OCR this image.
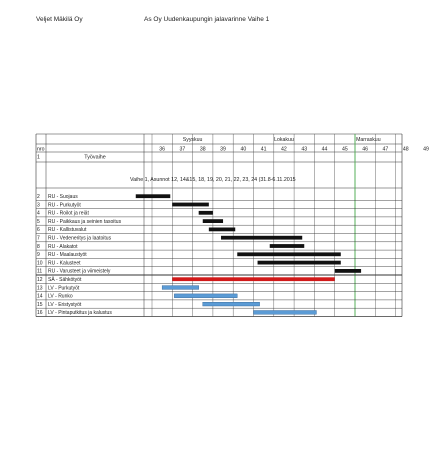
Veljet Mäkilä Oy	As Oy Uudenkaupungin jalavarinne Vaihe 1
Syyskuu	Lokakuu	Marraskuu
36	37	38	39	40	41	42	43	44	45	46	47	48	49
nro
1	Työvaihe
Vaihe 1, Asunnot 12, 14&15, 18, 19, 20, 21, 22, 23, 24 (31.8-6.11.2015
2 RU - Suojaus
3 RU - Purkutyöt
4 RU - Roilot ja reiät
5 RU - Paikkaus ja seinien tasoitus
6 RU - Kallistuvalut
7 RU - Vedeneritys ja laatoitus
8 RU - Alakatot
9 RU - Maalaustyöt
10 RU - Kalusteet
11 RU - Varusteet ja viimeistely
12 SÄ - Sähkötyöt
13 LV - Purkutyöt
14 LV - Runko
15 LV - Eristystyöt
16 LV - Pintaputkitus ja kalustus
